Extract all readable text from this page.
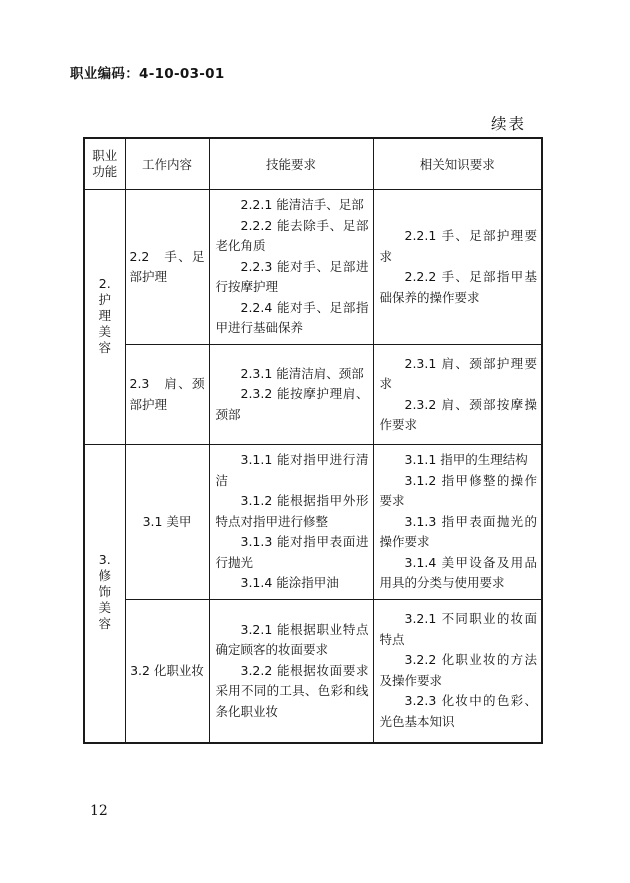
职业编码：4-10-03-01
续表
职业功能	工作内容	技能要求	相关知识要求
2. 护理美容	2.2　手、足部护理	2.2.1 能清洁手、足部
2.2.2 能去除手、足部老化角质
2.2.3 能对手、足部进行按摩护理
2.2.4 能对手、足部指甲进行基础保养	2.2.1 手、足部护理要求
2.2.2 手、足部指甲基础保养的操作要求

	2.3　肩、颈部护理	2.3.1 能清洁肩、颈部
2.3.2 能按摩护理肩、颈部	2.3.1 肩、颈部护理要求
2.3.2 肩、颈部按摩操作要求

3. 修饰美容	3.1 美甲	3.1.1 能对指甲进行清洁
3.1.2 能根据指甲外形特点对指甲进行修整
3.1.3 能对指甲表面进行抛光
3.1.4 能涂指甲油	3.1.1 指甲的生理结构
3.1.2 指甲修整的操作要求
3.1.3 指甲表面抛光的操作要求
3.1.4 美甲设备及用品用具的分类与使用要求

	3.2 化职业妆	3.2.1 能根据职业特点确定顾客的妆面要求
3.2.2 能根据妆面要求采用不同的工具、色彩和线条化职业妆	3.2.1 不同职业的妆面特点
3.2.2 化职业妆的方法及操作要求
3.2.3 化妆中的色彩、光色基本知识
12
